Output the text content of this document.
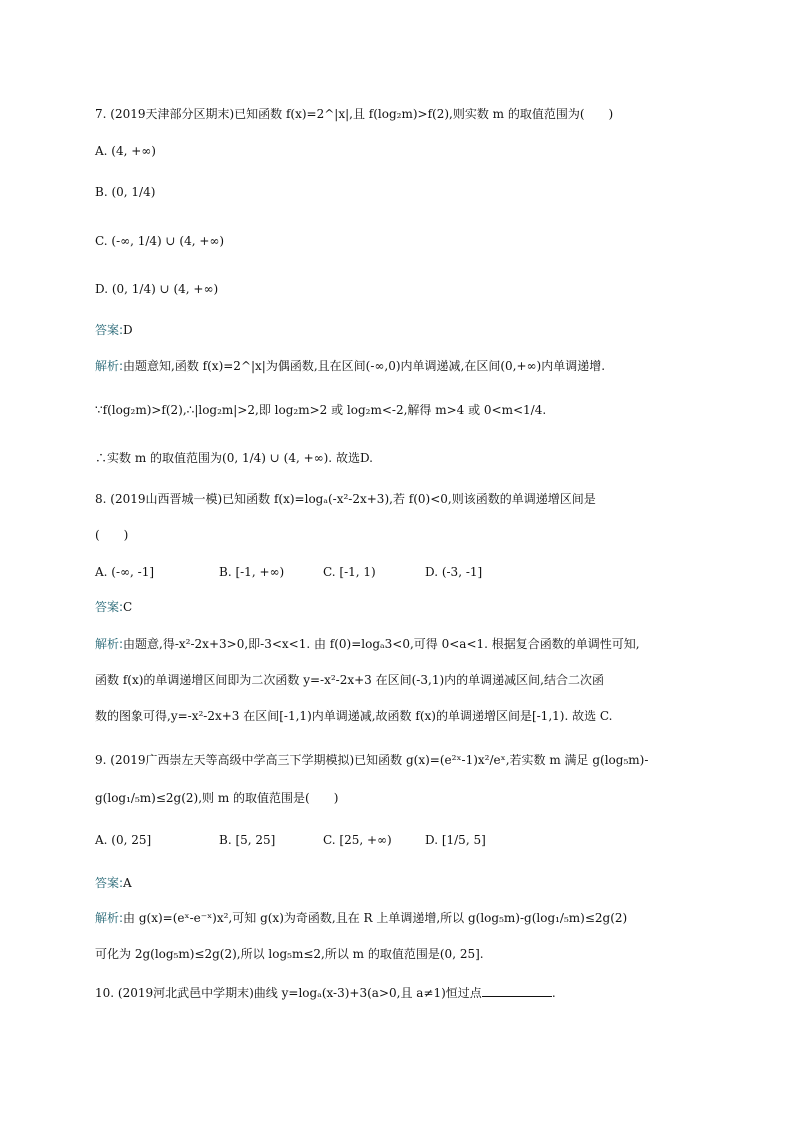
7. (2019天津部分区期末)已知函数 f(x)=2^|x|,且 f(log₂m)>f(2),则实数 m 的取值范围为(　　)
A. (4, +∞)
B. (0, 1/4)
C. (-∞, 1/4) ∪ (4, +∞)
D. (0, 1/4) ∪ (4, +∞)
答案:D
解析:由题意知,函数 f(x)=2^|x|为偶函数,且在区间(-∞,0)内单调递减,在区间(0,+∞)内单调递增.
∵f(log₂m)>f(2),∴|log₂m|>2,即 log₂m>2 或 log₂m<-2,解得 m>4 或 0<m<1/4.
∴实数 m 的取值范围为(0, 1/4) ∪ (4, +∞). 故选D.
8. (2019山西晋城一模)已知函数 f(x)=logₐ(-x²-2x+3),若 f(0)<0,则该函数的单调递增区间是
(　　)
A. (-∞, -1]	B. [-1, +∞)	C. [-1, 1)	D. (-3, -1]
答案:C
解析:由题意,得-x²-2x+3>0,即-3<x<1. 由 f(0)=logₐ3<0,可得 0<a<1. 根据复合函数的单调性可知,
函数 f(x)的单调递增区间即为二次函数 y=-x²-2x+3 在区间(-3,1)内的单调递减区间,结合二次函
数的图象可得,y=-x²-2x+3 在区间[-1,1)内单调递减,故函数 f(x)的单调递增区间是[-1,1). 故选 C.
9. (2019广西崇左天等高级中学高三下学期模拟)已知函数 g(x)=(e²ˣ-1)x²/eˣ,若实数 m 满足 g(log₅m)-
g(log₁/₅m)≤2g(2),则 m 的取值范围是(　　)
A. (0, 25]	B. [5, 25]	C. [25, +∞)	D. [1/5, 5]
答案:A
解析:由 g(x)=(eˣ-e⁻ˣ)x²,可知 g(x)为奇函数,且在 R 上单调递增,所以 g(log₅m)-g(log₁/₅m)≤2g(2)
可化为 2g(log₅m)≤2g(2),所以 log₅m≤2,所以 m 的取值范围是(0, 25].
10. (2019河北武邑中学期末)曲线 y=logₐ(x-3)+3(a>0,且 a≠1)恒过点	.
